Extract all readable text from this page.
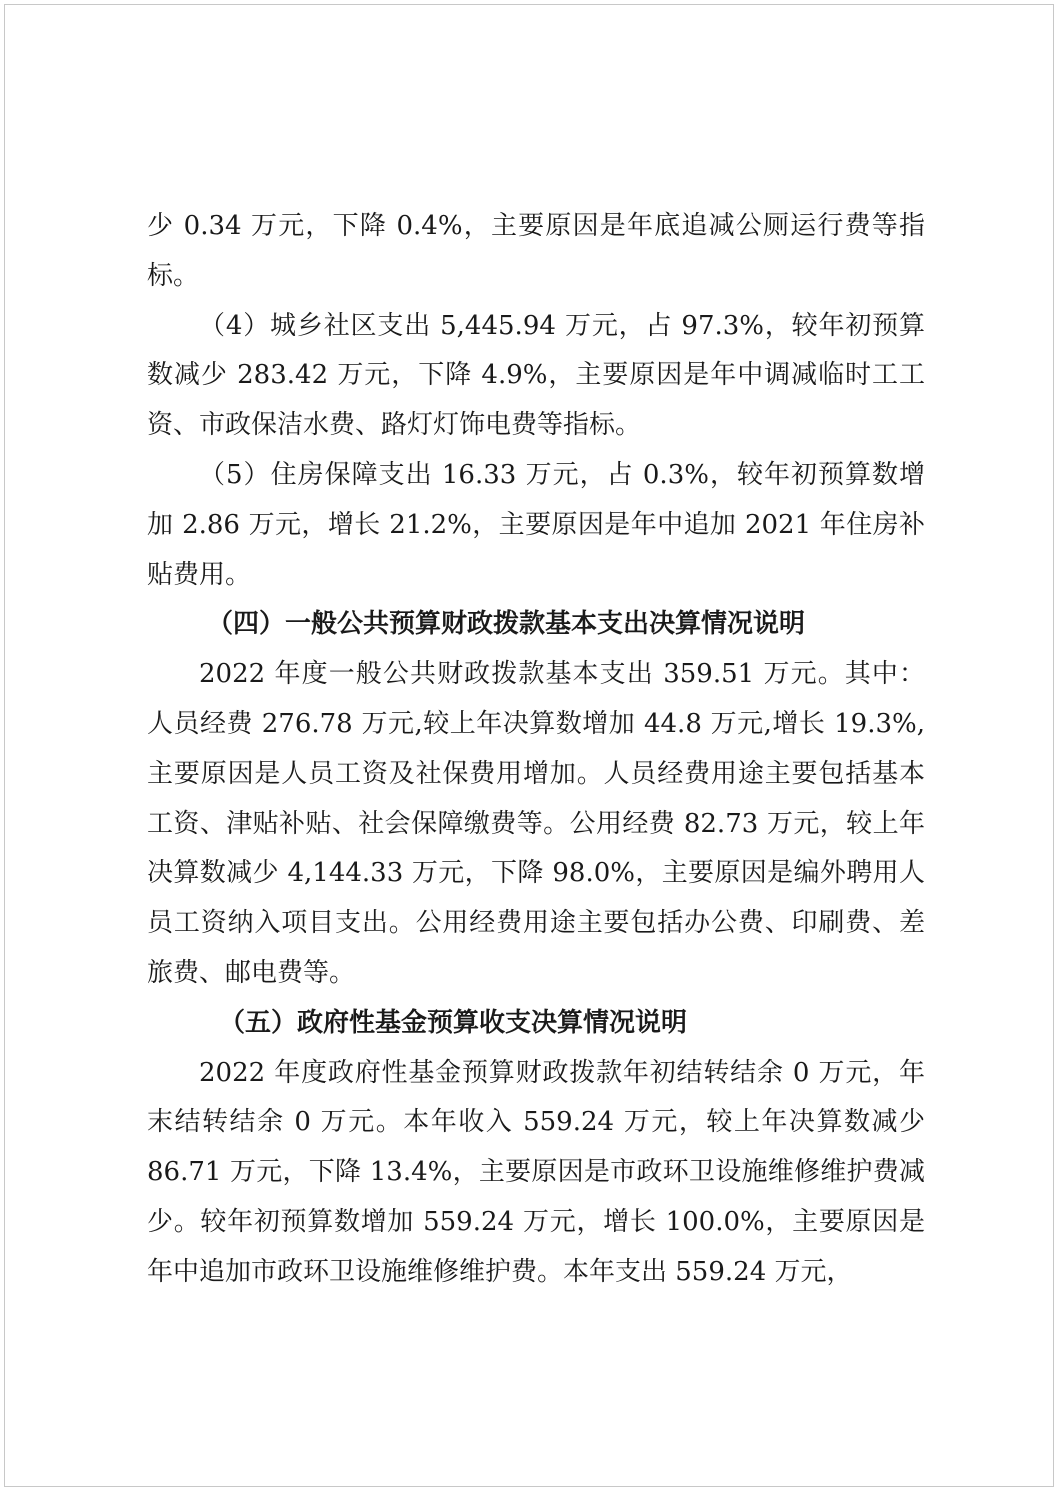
少 0.34 万元，下降 0.4%，主要原因是年底追减公厕运行费等指标。

（4）城乡社区支出 5,445.94 万元，占 97.3%，较年初预算数减少 283.42 万元，下降 4.9%，主要原因是年中调减临时工工资、市政保洁水费、路灯灯饰电费等指标。

（5）住房保障支出 16.33 万元，占 0.3%，较年初预算数增加 2.86 万元，增长 21.2%，主要原因是年中追加 2021 年住房补贴费用。

（四）一般公共预算财政拨款基本支出决算情况说明

2022 年度一般公共财政拨款基本支出 359.51 万元。其中：人员经费 276.78 万元,较上年决算数增加 44.8 万元,增长 19.3%,主要原因是人员工资及社保费用增加。人员经费用途主要包括基本工资、津贴补贴、社会保障缴费等。公用经费 82.73 万元，较上年决算数减少 4,144.33 万元，下降 98.0%，主要原因是编外聘用人员工资纳入项目支出。公用经费用途主要包括办公费、印刷费、差旅费、邮电费等。

（五）政府性基金预算收支决算情况说明

2022 年度政府性基金预算财政拨款年初结转结余 0 万元，年末结转结余 0 万元。本年收入 559.24 万元，较上年决算数减少 86.71 万元，下降 13.4%，主要原因是市政环卫设施维修维护费减少。较年初预算数增加 559.24 万元，增长 100.0%，主要原因是年中追加市政环卫设施维修维护费。本年支出 559.24 万元，
